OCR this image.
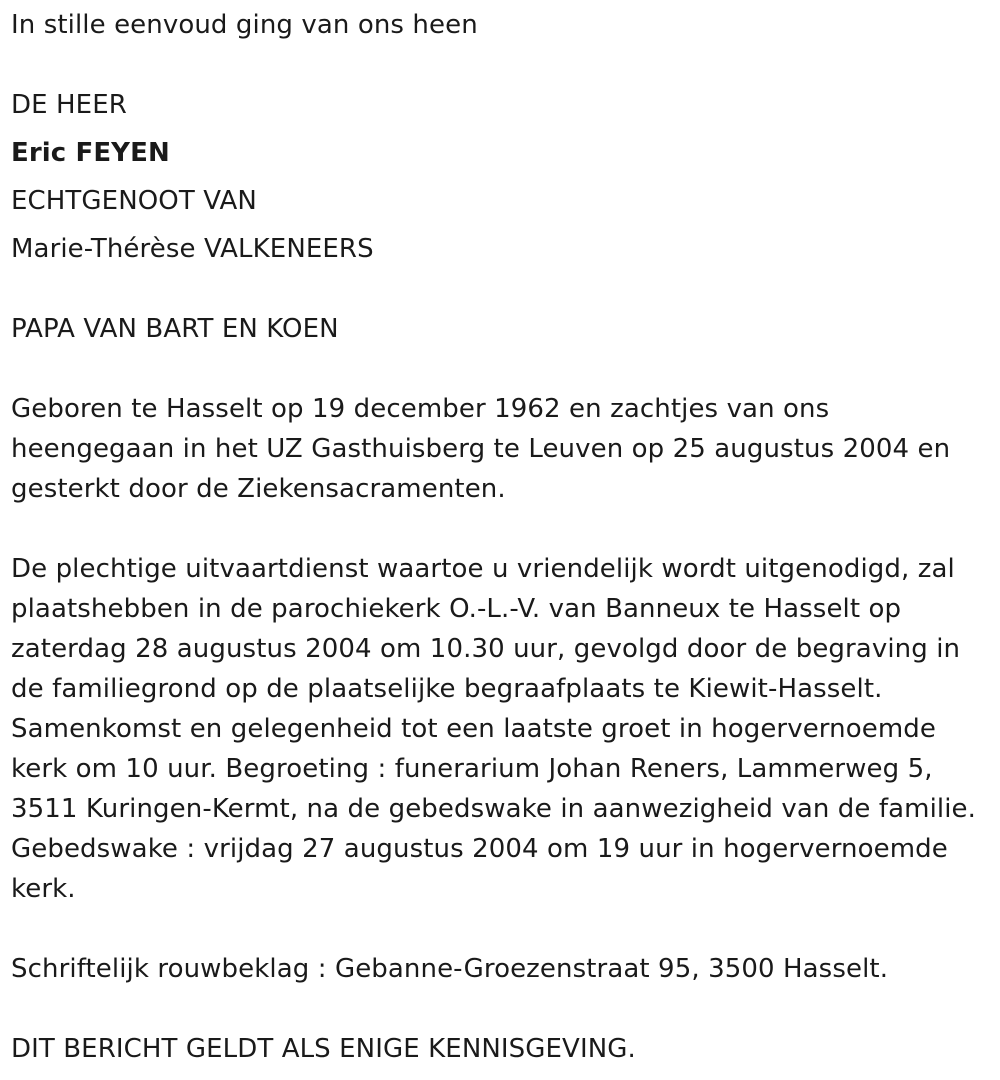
In stille eenvoud ging van ons heen
DE HEER
Eric FEYEN
ECHTGENOOT VAN
Marie-Thérèse VALKENEERS
PAPA VAN BART EN KOEN
Geboren te Hasselt op 19 december 1962 en zachtjes van ons
heengegaan in het UZ Gasthuisberg te Leuven op 25 augustus 2004 en
gesterkt door de Ziekensacramenten.
De plechtige uitvaartdienst waartoe u vriendelijk wordt uitgenodigd, zal
plaatshebben in de parochiekerk O.-L.-V. van Banneux te Hasselt op
zaterdag 28 augustus 2004 om 10.30 uur, gevolgd door de begraving in
de familiegrond op de plaatselijke begraafplaats te Kiewit-Hasselt.
Samenkomst en gelegenheid tot een laatste groet in hogervernoemde
kerk om 10 uur. Begroeting : funerarium Johan Reners, Lammerweg 5,
3511 Kuringen-Kermt, na de gebedswake in aanwezigheid van de familie.
Gebedswake : vrijdag 27 augustus 2004 om 19 uur in hogervernoemde
kerk.
Schriftelijk rouwbeklag : Gebanne-Groezenstraat 95, 3500 Hasselt.
DIT BERICHT GELDT ALS ENIGE KENNISGEVING.
